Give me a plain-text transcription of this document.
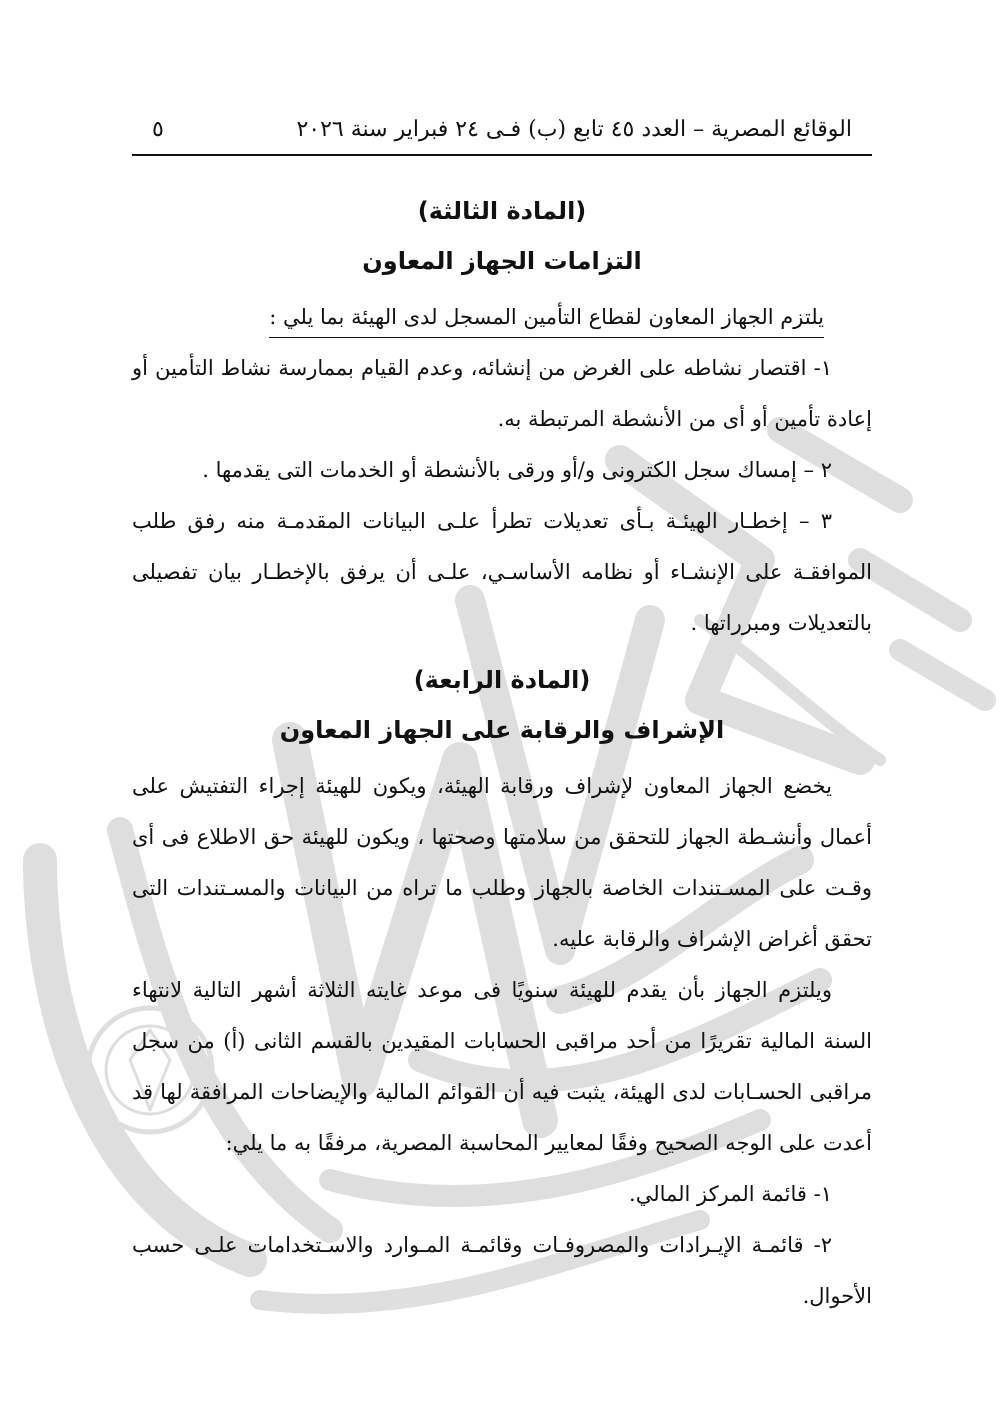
الوقائع المصرية – العدد ٤٥ تابع (ب) فـى ٢٤ فبراير سنة ٢٠٢٦
٥
(المادة الثالثة)
التزامات الجهاز المعاون
يلتزم الجهاز المعاون لقطاع التأمين المسجل لدى الهيئة بما يلي :

١- اقتصار نشاطه على الغرض من إنشائه، وعدم القيام بممارسة نشاط التأمين أو إعادة تأمين أو أى من الأنشطة المرتبطة به.

٢ – إمساك سجل الكترونى و/أو ورقى بالأنشطة أو الخدمات التى يقدمها .

٣ – إخطـار الهيئـة بـأى تعديلات تطرأ علـى البيانات المقدمـة منه رفق طلب الموافقـة على الإنشـاء أو نظامه الأساسـي، علـى أن يرفق بالإخطـار بيان تفصيلى بالتعديلات ومبرراتها .

(المادة الرابعة)
الإشراف والرقابة على الجهاز المعاون

يخضع الجهاز المعاون لإشراف ورقابة الهيئة، ويكون للهيئة إجراء التفتيش على أعمال وأنشـطة الجهاز للتحقق من سلامتها وصحتها ، ويكون للهيئة حق الاطلاع فى أى وقـت على المسـتندات الخاصة بالجهاز وطلب ما تراه من البيانات والمسـتندات التى تحقق أغراض الإشراف والرقابة عليه.

ويلتزم الجهاز بأن يقدم للهيئة سنويًا فى موعد غايته الثلاثة أشهر التالية لانتهاء السنة المالية تقريرًا من أحد مراقبى الحسابات المقيدين بالقسم الثانى (أ) من سجل مراقبى الحسـابات لدى الهيئة، يثبت فيه أن القوائم المالية والإيضاحات المرافقة لها قد أعدت على الوجه الصحيح وفقًا لمعايير المحاسبة المصرية، مرفقًا به ما يلي:

١- قائمة المركز المالي.

٢- قائمـة الإيـرادات والمصروفـات وقائمـة المـوارد والاسـتخدامات علـى حسب الأحوال.
